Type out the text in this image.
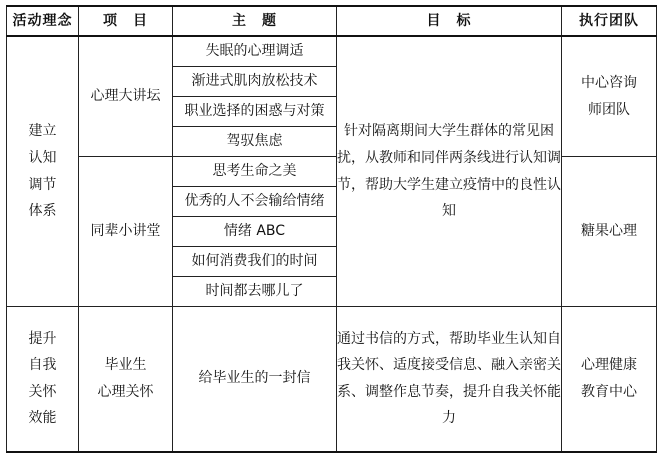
活动理念	项　目	主　题	目　标	执行团队

建立
认知
调节
体系	心理大讲坛	失眠的心理调适	针对隔离期间大学生群体的常见困扰，从教师和同伴两条线进行认知调节，帮助大学生建立疫情中的良性认知	中心咨询
师团队

		渐进式肌肉放松技术		
		职业选择的困惑与对策		
		驾驭焦虑		
	同辈小讲堂	思考生命之美		糖果心理
		优秀的人不会输给情绪		
		情绪 ABC		
		如何消费我们的时间		
		时间都去哪儿了		

提升
自我
关怀
效能	毕业生
心理关怀	给毕业生的一封信	通过书信的方式，帮助毕业生认知自我关怀、适度接受信息、融入亲密关系、调整作息节奏，提升自我关怀能力	心理健康
教育中心
